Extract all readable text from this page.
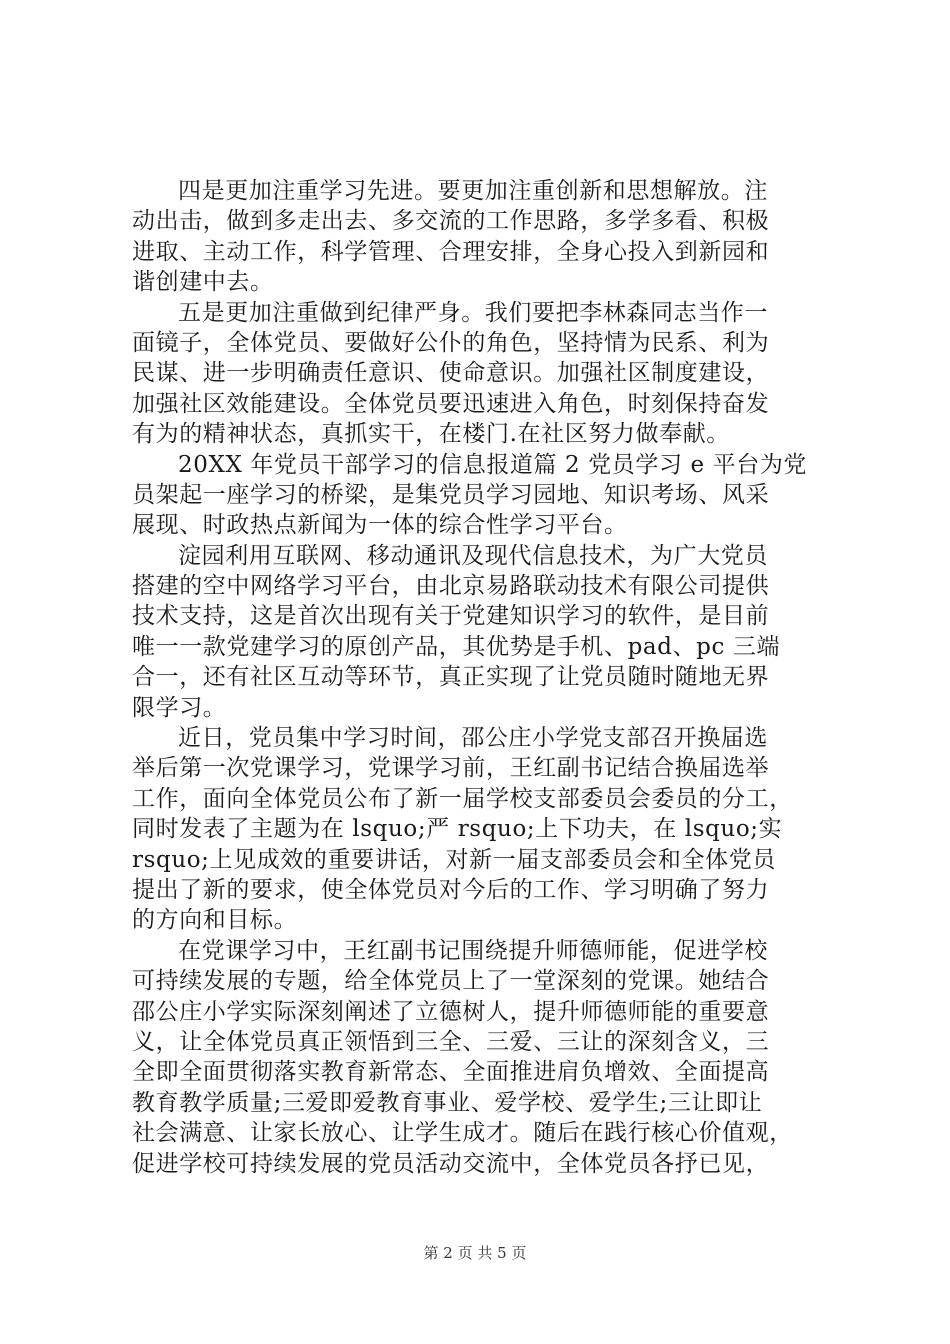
四是更加注重学习先进。要更加注重创新和思想解放。注
动出击，做到多走出去、多交流的工作思路，多学多看、积极
进取、主动工作，科学管理、合理安排，全身心投入到新园和
谐创建中去。
五是更加注重做到纪律严身。我们要把李林森同志当作一
面镜子，全体党员、要做好公仆的角色，坚持情为民系、利为
民谋、进一步明确责任意识、使命意识。加强社区制度建设，
加强社区效能建设。全体党员要迅速进入角色，时刻保持奋发
有为的精神状态，真抓实干，在楼门.在社区努力做奉献。
20XX 年党员干部学习的信息报道篇 2 党员学习 e 平台为党
员架起一座学习的桥梁，是集党员学习园地、知识考场、风采
展现、时政热点新闻为一体的综合性学习平台。
淀园利用互联网、移动通讯及现代信息技术，为广大党员
搭建的空中网络学习平台，由北京易路联动技术有限公司提供
技术支持，这是首次出现有关于党建知识学习的软件，是目前
唯一一款党建学习的原创产品，其优势是手机、pad、pc 三端
合一，还有社区互动等环节，真正实现了让党员随时随地无界
限学习。
近日，党员集中学习时间，邵公庄小学党支部召开换届选
举后第一次党课学习，党课学习前，王红副书记结合换届选举
工作，面向全体党员公布了新一届学校支部委员会委员的分工，
同时发表了主题为在 lsquo;严 rsquo;上下功夫，在 lsquo;实
rsquo;上见成效的重要讲话，对新一届支部委员会和全体党员
提出了新的要求，使全体党员对今后的工作、学习明确了努力
的方向和目标。
在党课学习中，王红副书记围绕提升师德师能，促进学校
可持续发展的专题，给全体党员上了一堂深刻的党课。她结合
邵公庄小学实际深刻阐述了立德树人，提升师德师能的重要意
义，让全体党员真正领悟到三全、三爱、三让的深刻含义，三
全即全面贯彻落实教育新常态、全面推进肩负增效、全面提高
教育教学质量;三爱即爱教育事业、爱学校、爱学生;三让即让
社会满意、让家长放心、让学生成才。随后在践行核心价值观，
促进学校可持续发展的党员活动交流中，全体党员各抒已见，
第 2 页 共 5 页
